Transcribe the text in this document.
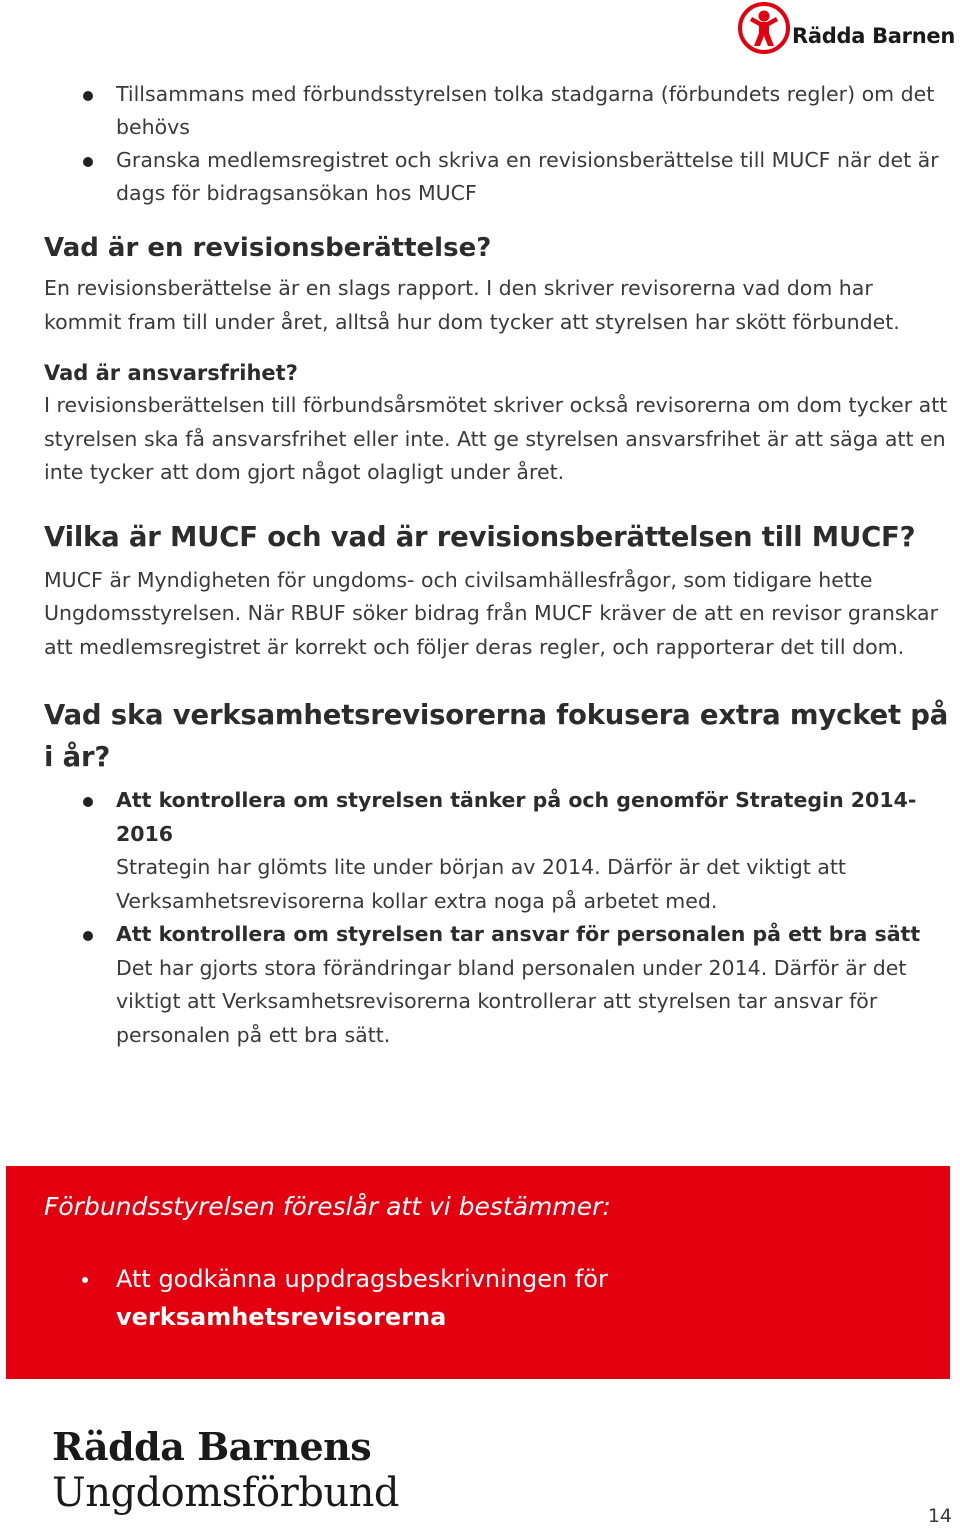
Rädda Barnen
Tillsammans med förbundsstyrelsen tolka stadgarna (förbundets regler) om det behövs
Granska medlemsregistret och skriva en revisionsberättelse till MUCF när det är dags för bidragsansökan hos MUCF
Vad är en revisionsberättelse?

En revisionsberättelse är en slags rapport. I den skriver revisorerna vad dom har kommit fram till under året, alltså hur dom tycker att styrelsen har skött förbundet.

Vad är ansvarsfrihet?

I revisionsberättelsen till förbundsårsmötet skriver också revisorerna om dom tycker att styrelsen ska få ansvarsfrihet eller inte. Att ge styrelsen ansvarsfrihet är att säga att en inte tycker att dom gjort något olagligt under året.

Vilka är MUCF och vad är revisionsberättelsen till MUCF?

MUCF är Myndigheten för ungdoms- och civilsamhällesfrågor, som tidigare hette Ungdomsstyrelsen. När RBUF söker bidrag från MUCF kräver de att en revisor granskar att medlemsregistret är korrekt och följer deras regler, och rapporterar det till dom.

Vad ska verksamhetsrevisorerna fokusera extra mycket på i år?
Att kontrollera om styrelsen tänker på och genomför Strategin 2014-2016
Strategin har glömts lite under början av 2014. Därför är det viktigt att Verksamhetsrevisorerna kollar extra noga på arbetet med.
Att kontrollera om styrelsen tar ansvar för personalen på ett bra sätt
Det har gjorts stora förändringar bland personalen under 2014. Därför är det viktigt att Verksamhetsrevisorerna kontrollerar att styrelsen tar ansvar för personalen på ett bra sätt.
Förbundsstyrelsen föreslår att vi bestämmer:
Att godkänna uppdragsbeskrivningen för
verksamhetsrevisorerna
Rädda Barnens
Ungdomsförbund	14
